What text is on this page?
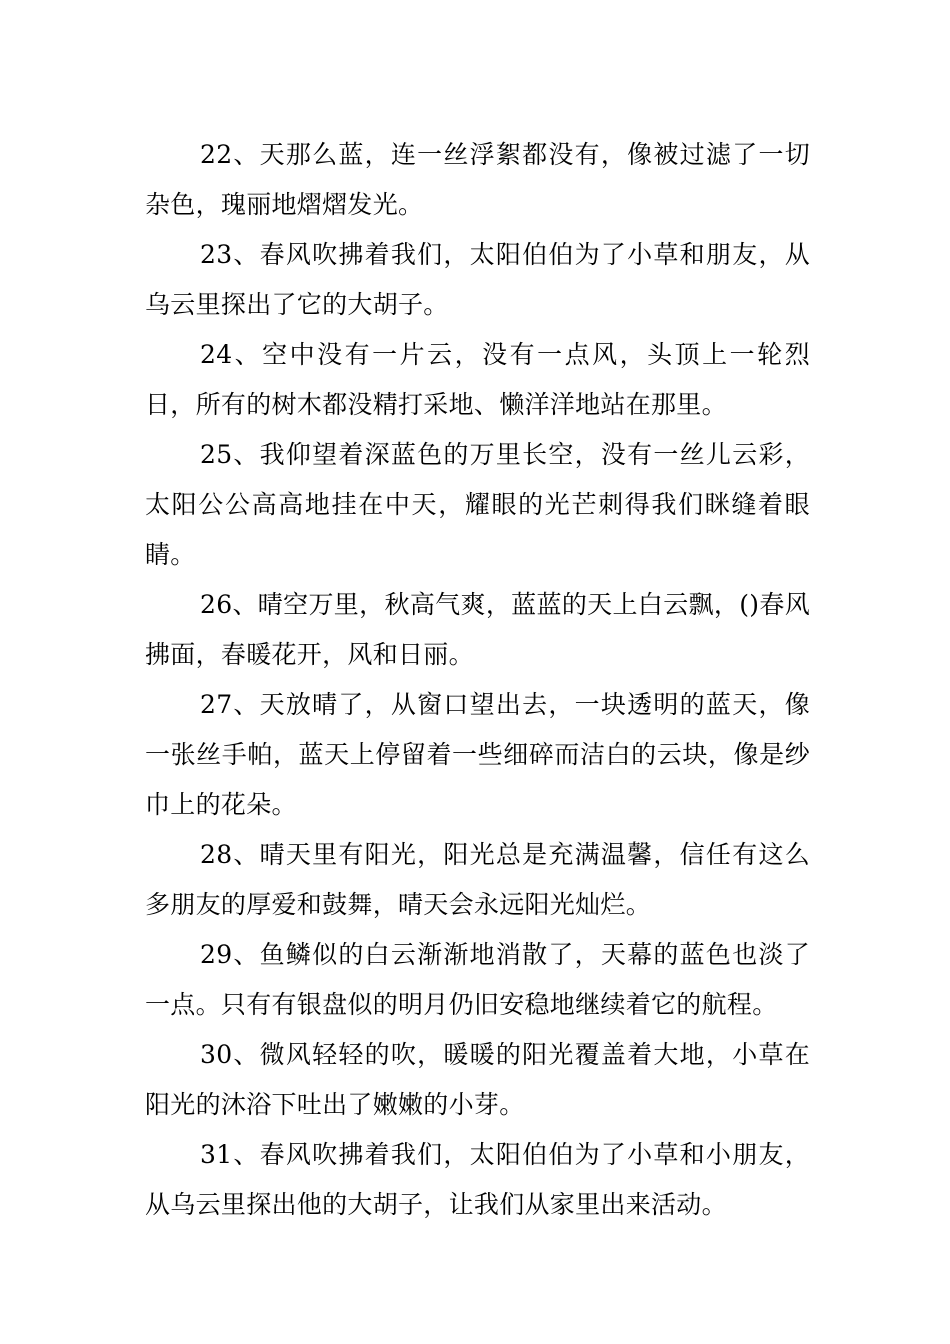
22、天那么蓝，连一丝浮絮都没有，像被过滤了一切杂色，瑰丽地熠熠发光。

23、春风吹拂着我们，太阳伯伯为了小草和朋友，从乌云里探出了它的大胡子。

24、空中没有一片云，没有一点风，头顶上一轮烈日，所有的树木都没精打采地、懒洋洋地站在那里。

25、我仰望着深蓝色的万里长空，没有一丝儿云彩，太阳公公高高地挂在中天，耀眼的光芒刺得我们眯缝着眼睛。

26、晴空万里，秋高气爽，蓝蓝的天上白云飘，()春风拂面，春暖花开，风和日丽。

27、天放晴了，从窗口望出去，一块透明的蓝天，像一张丝手帕，蓝天上停留着一些细碎而洁白的云块，像是纱巾上的花朵。

28、晴天里有阳光，阳光总是充满温馨，信任有这么多朋友的厚爱和鼓舞，晴天会永远阳光灿烂。

29、鱼鳞似的白云渐渐地消散了，天幕的蓝色也淡了一点。只有有银盘似的明月仍旧安稳地继续着它的航程。

30、微风轻轻的吹，暖暖的阳光覆盖着大地，小草在阳光的沐浴下吐出了嫩嫩的小芽。

31、春风吹拂着我们，太阳伯伯为了小草和小朋友，从乌云里探出他的大胡子，让我们从家里出来活动。
